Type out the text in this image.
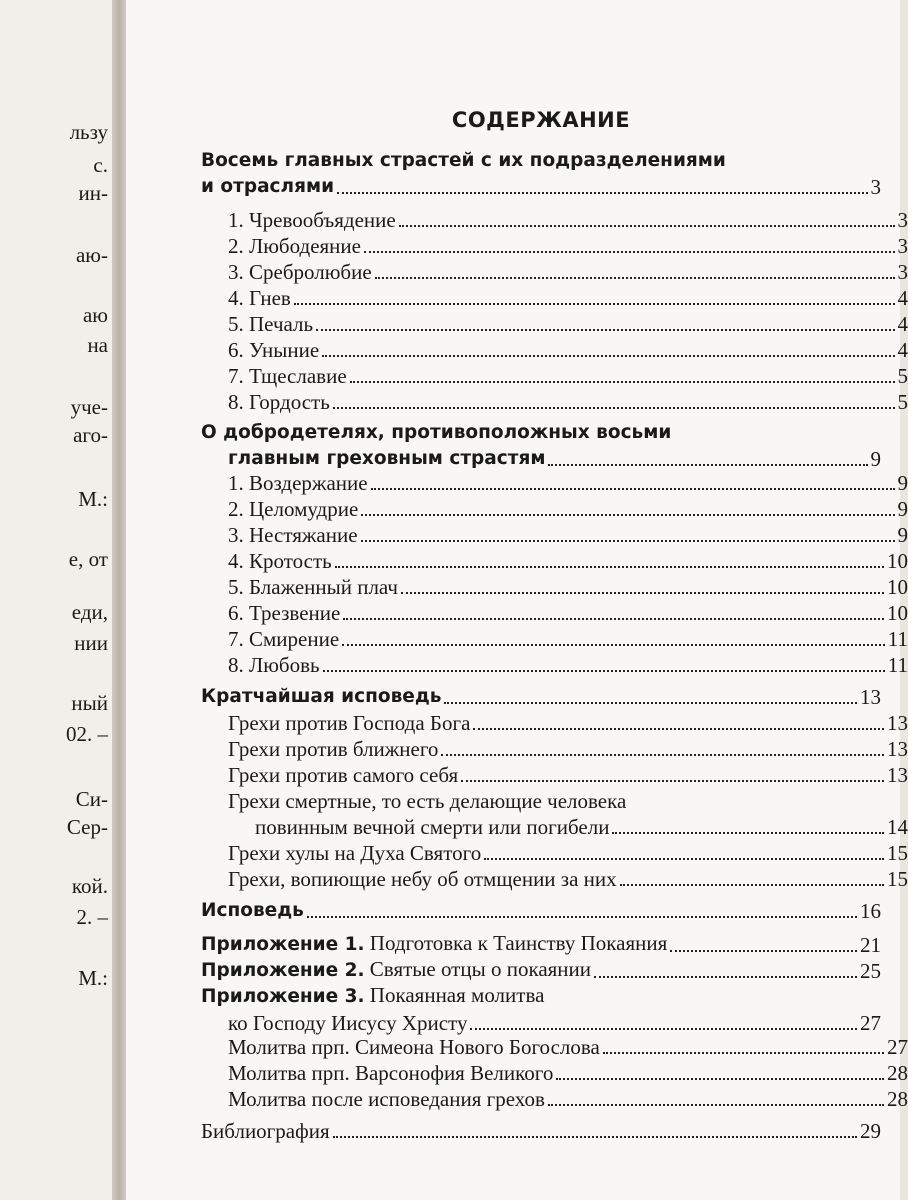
льзу
с.
ин-
аю-
аю
на
уче-
аго-
М.:
е, от
еди,
нии
ный
02. –
Си-
Сер-
кой.
2. –
М.:
СОДЕРЖАНИЕ
Восемь главных страстей с их подразделениями
и отраслями	3
1. Чревообъядение	3
2. Любодеяние	3
3. Сребролюбие	3
4. Гнев	4
5. Печаль	4
6. Уныние	4
7. Тщеславие	5
8. Гордость	5
О добродетелях, противоположных восьми
главным греховным страстям	9
1. Воздержание	9
2. Целомудрие	9
3. Нестяжание	9
4. Кротость	10
5. Блаженный плач	10
6. Трезвение	10
7. Смирение	11
8. Любовь	11
Кратчайшая исповедь	13
Грехи против Господа Бога	13
Грехи против ближнего	13
Грехи против самого себя	13
Грехи смертные, то есть делающие человека
повинным вечной смерти или погибели	14
Грехи хулы на Духа Святого	15
Грехи, вопиющие небу об отмщении за них	15
Исповедь	16
Приложение 1. Подготовка к Таинству Покаяния	21
Приложение 2. Святые отцы о покаянии	25
Приложение 3. Покаянная молитва
ко Господу Иисусу Христу	27
Молитва прп. Симеона Нового Богослова	27
Молитва прп. Варсонофия Великого	28
Молитва после исповедания грехов	28
Библиография	29
